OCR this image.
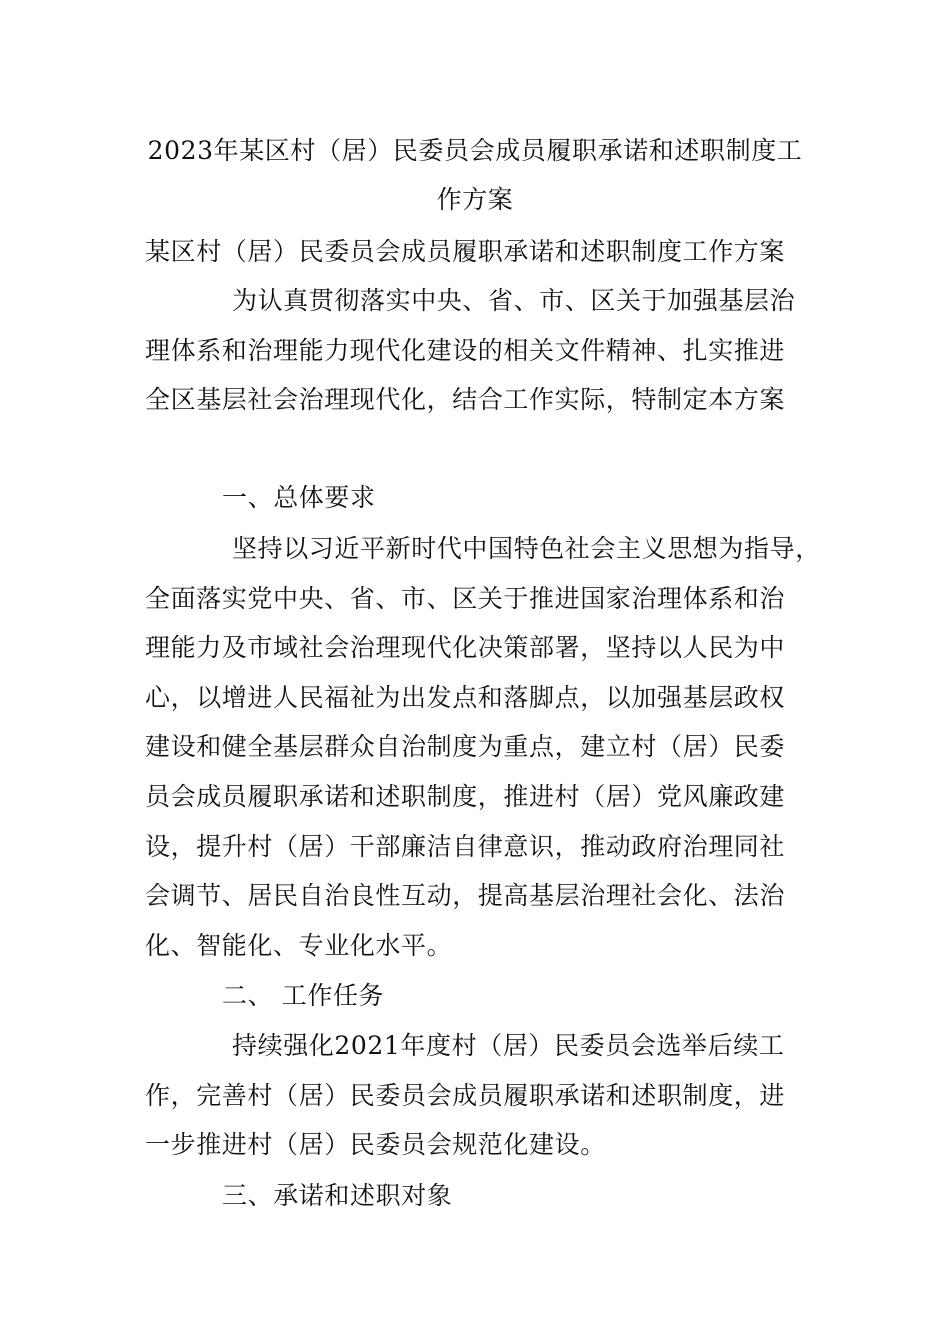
2023年某区村（居）民委员会成员履职承诺和述职制度工
作方案
某区村（居）民委员会成员履职承诺和述职制度工作方案
为认真贯彻落实中央、省、市、区关于加强基层治
理体系和治理能力现代化建设的相关文件精神、扎实推进
全区基层社会治理现代化，结合工作实际，特制定本方案
一、总体要求
坚持以习近平新时代中国特色社会主义思想为指导，
全面落实党中央、省、市、区关于推进国家治理体系和治
理能力及市域社会治理现代化决策部署，坚持以人民为中
心，以增进人民福祉为出发点和落脚点，以加强基层政权
建设和健全基层群众自治制度为重点，建立村（居）民委
员会成员履职承诺和述职制度，推进村（居）党风廉政建
设，提升村（居）干部廉洁自律意识，推动政府治理同社
会调节、居民自治良性互动，提高基层治理社会化、法治
化、智能化、专业化水平。
二、 工作任务
持续强化2021年度村（居）民委员会选举后续工
作，完善村（居）民委员会成员履职承诺和述职制度，进
一步推进村（居）民委员会规范化建设。
三、承诺和述职对象
